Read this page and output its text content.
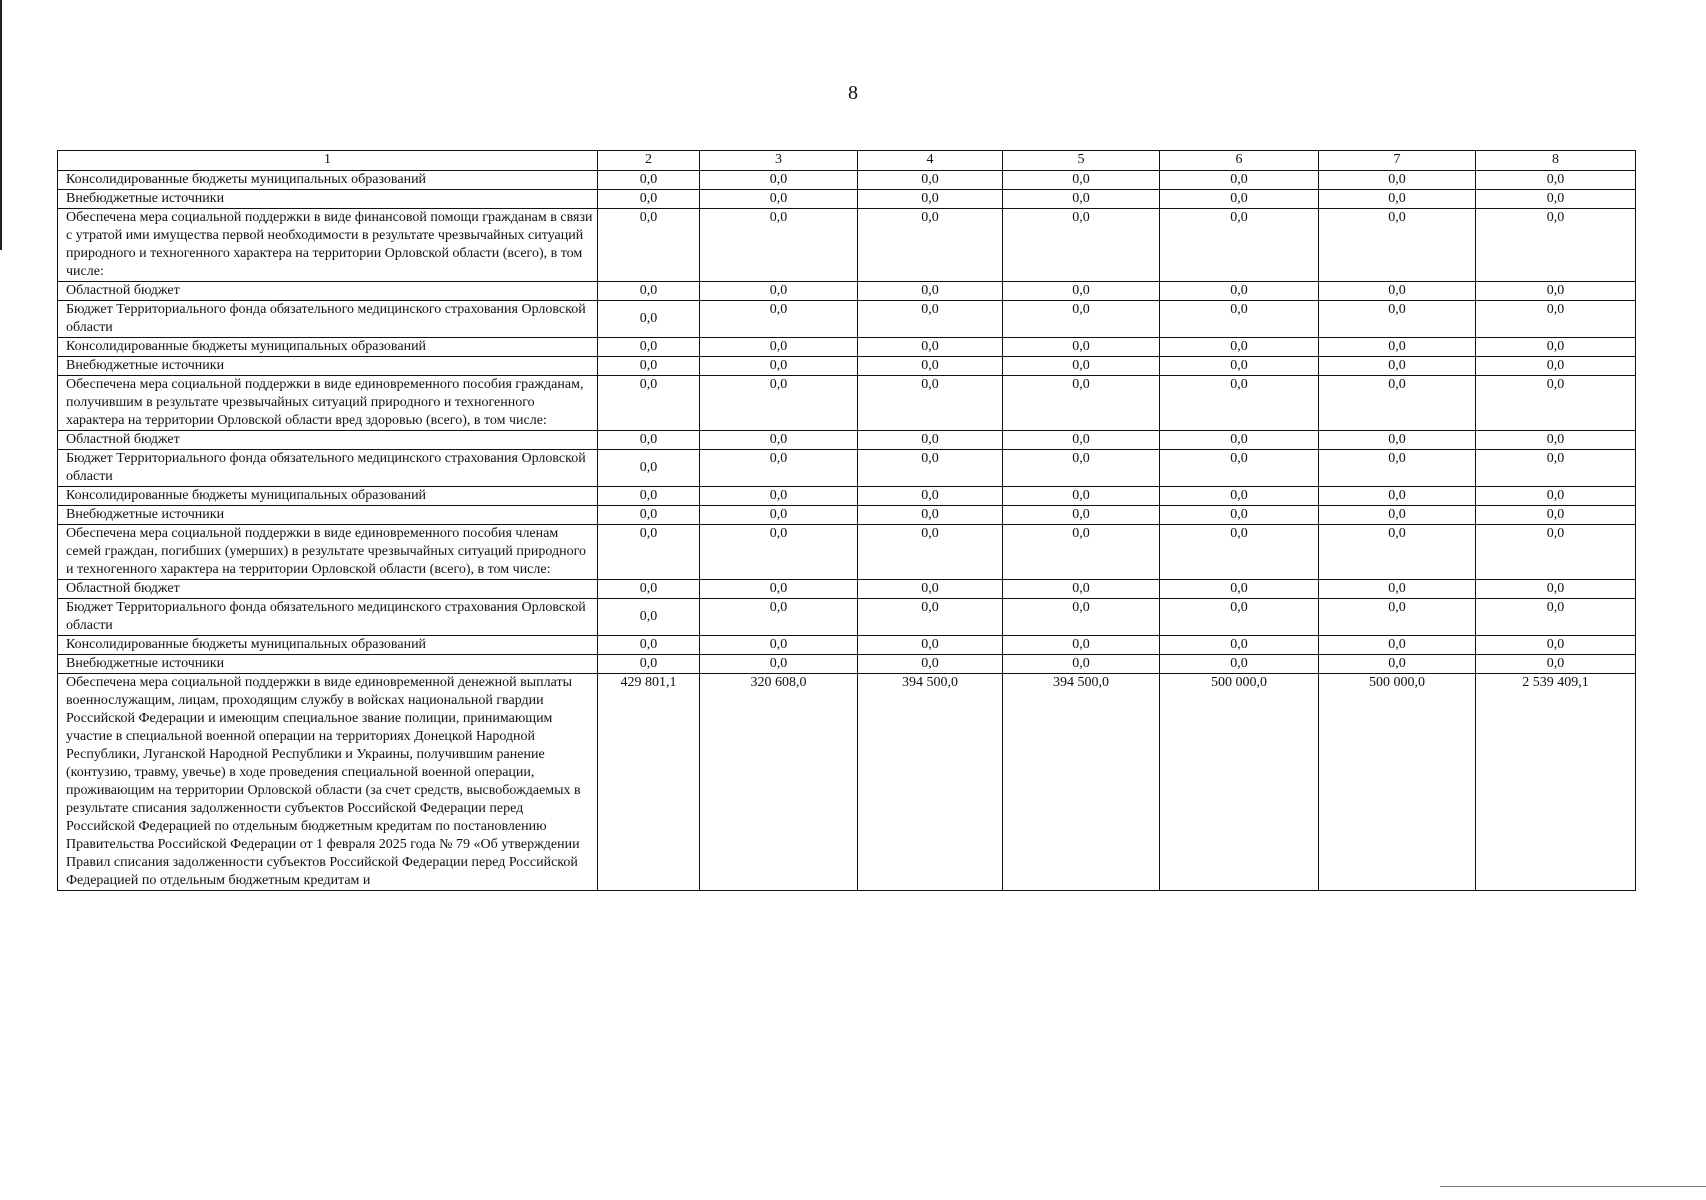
8
1	2	3	4	5	6	7	8
Консолидированные бюджеты муниципальных образований	0,0	0,0	0,0	0,0	0,0	0,0	0,0
Внебюджетные источники	0,0	0,0	0,0	0,0	0,0	0,0	0,0
Обеспечена мера социальной поддержки в виде финансовой помощи гражданам в связи с утратой ими имущества первой необходимости в результате чрезвычайных ситуаций природного и техногенного характера на территории Орловской области (всего), в том числе:	0,0	0,0	0,0	0,0	0,0	0,0	0,0
Областной бюджет	0,0	0,0	0,0	0,0	0,0	0,0	0,0
Бюджет Территориального фонда обязательного медицинского страхования Орловской области	0,0	0,0	0,0	0,0	0,0	0,0	0,0
Консолидированные бюджеты муниципальных образований	0,0	0,0	0,0	0,0	0,0	0,0	0,0
Внебюджетные источники	0,0	0,0	0,0	0,0	0,0	0,0	0,0
Обеспечена мера социальной поддержки в виде единовременного пособия гражданам, получившим в результате чрезвычайных ситуаций природного и техногенного характера на территории Орловской области вред здоровью (всего), в том числе:	0,0	0,0	0,0	0,0	0,0	0,0	0,0
Областной бюджет	0,0	0,0	0,0	0,0	0,0	0,0	0,0
Бюджет Территориального фонда обязательного медицинского страхования Орловской области	0,0	0,0	0,0	0,0	0,0	0,0	0,0
Консолидированные бюджеты муниципальных образований	0,0	0,0	0,0	0,0	0,0	0,0	0,0
Внебюджетные источники	0,0	0,0	0,0	0,0	0,0	0,0	0,0
Обеспечена мера социальной поддержки в виде единовременного пособия членам семей граждан, погибших (умерших) в результате чрезвычайных ситуаций природного и техногенного характера на территории Орловской области (всего), в том числе:	0,0	0,0	0,0	0,0	0,0	0,0	0,0
Областной бюджет	0,0	0,0	0,0	0,0	0,0	0,0	0,0
Бюджет Территориального фонда обязательного медицинского страхования Орловской области	0,0	0,0	0,0	0,0	0,0	0,0	0,0
Консолидированные бюджеты муниципальных образований	0,0	0,0	0,0	0,0	0,0	0,0	0,0
Внебюджетные источники	0,0	0,0	0,0	0,0	0,0	0,0	0,0
Обеспечена мера социальной поддержки в виде единовременной денежной выплаты военнослужащим, лицам, проходящим службу в войсках национальной гвардии Российской Федерации и имеющим специальное звание полиции, принимающим участие в специальной военной операции на территориях Донецкой Народной Республики, Луганской Народной Республики и Украины, получившим ранение (контузию, травму, увечье) в ходе проведения специальной военной операции, проживающим на территории Орловской области (за счет средств, высвобождаемых в результате списания задолженности субъектов Российской Федерации перед Российской Федерацией по отдельным бюджетным кредитам по постановлению Правительства Российской Федерации от 1 февраля 2025 года № 79 «Об утверждении Правил списания задолженности субъектов Российской Федерации перед Российской Федерацией по отдельным бюджетным кредитам и	429 801,1	320 608,0	394 500,0	394 500,0	500 000,0	500 000,0	2 539 409,1
